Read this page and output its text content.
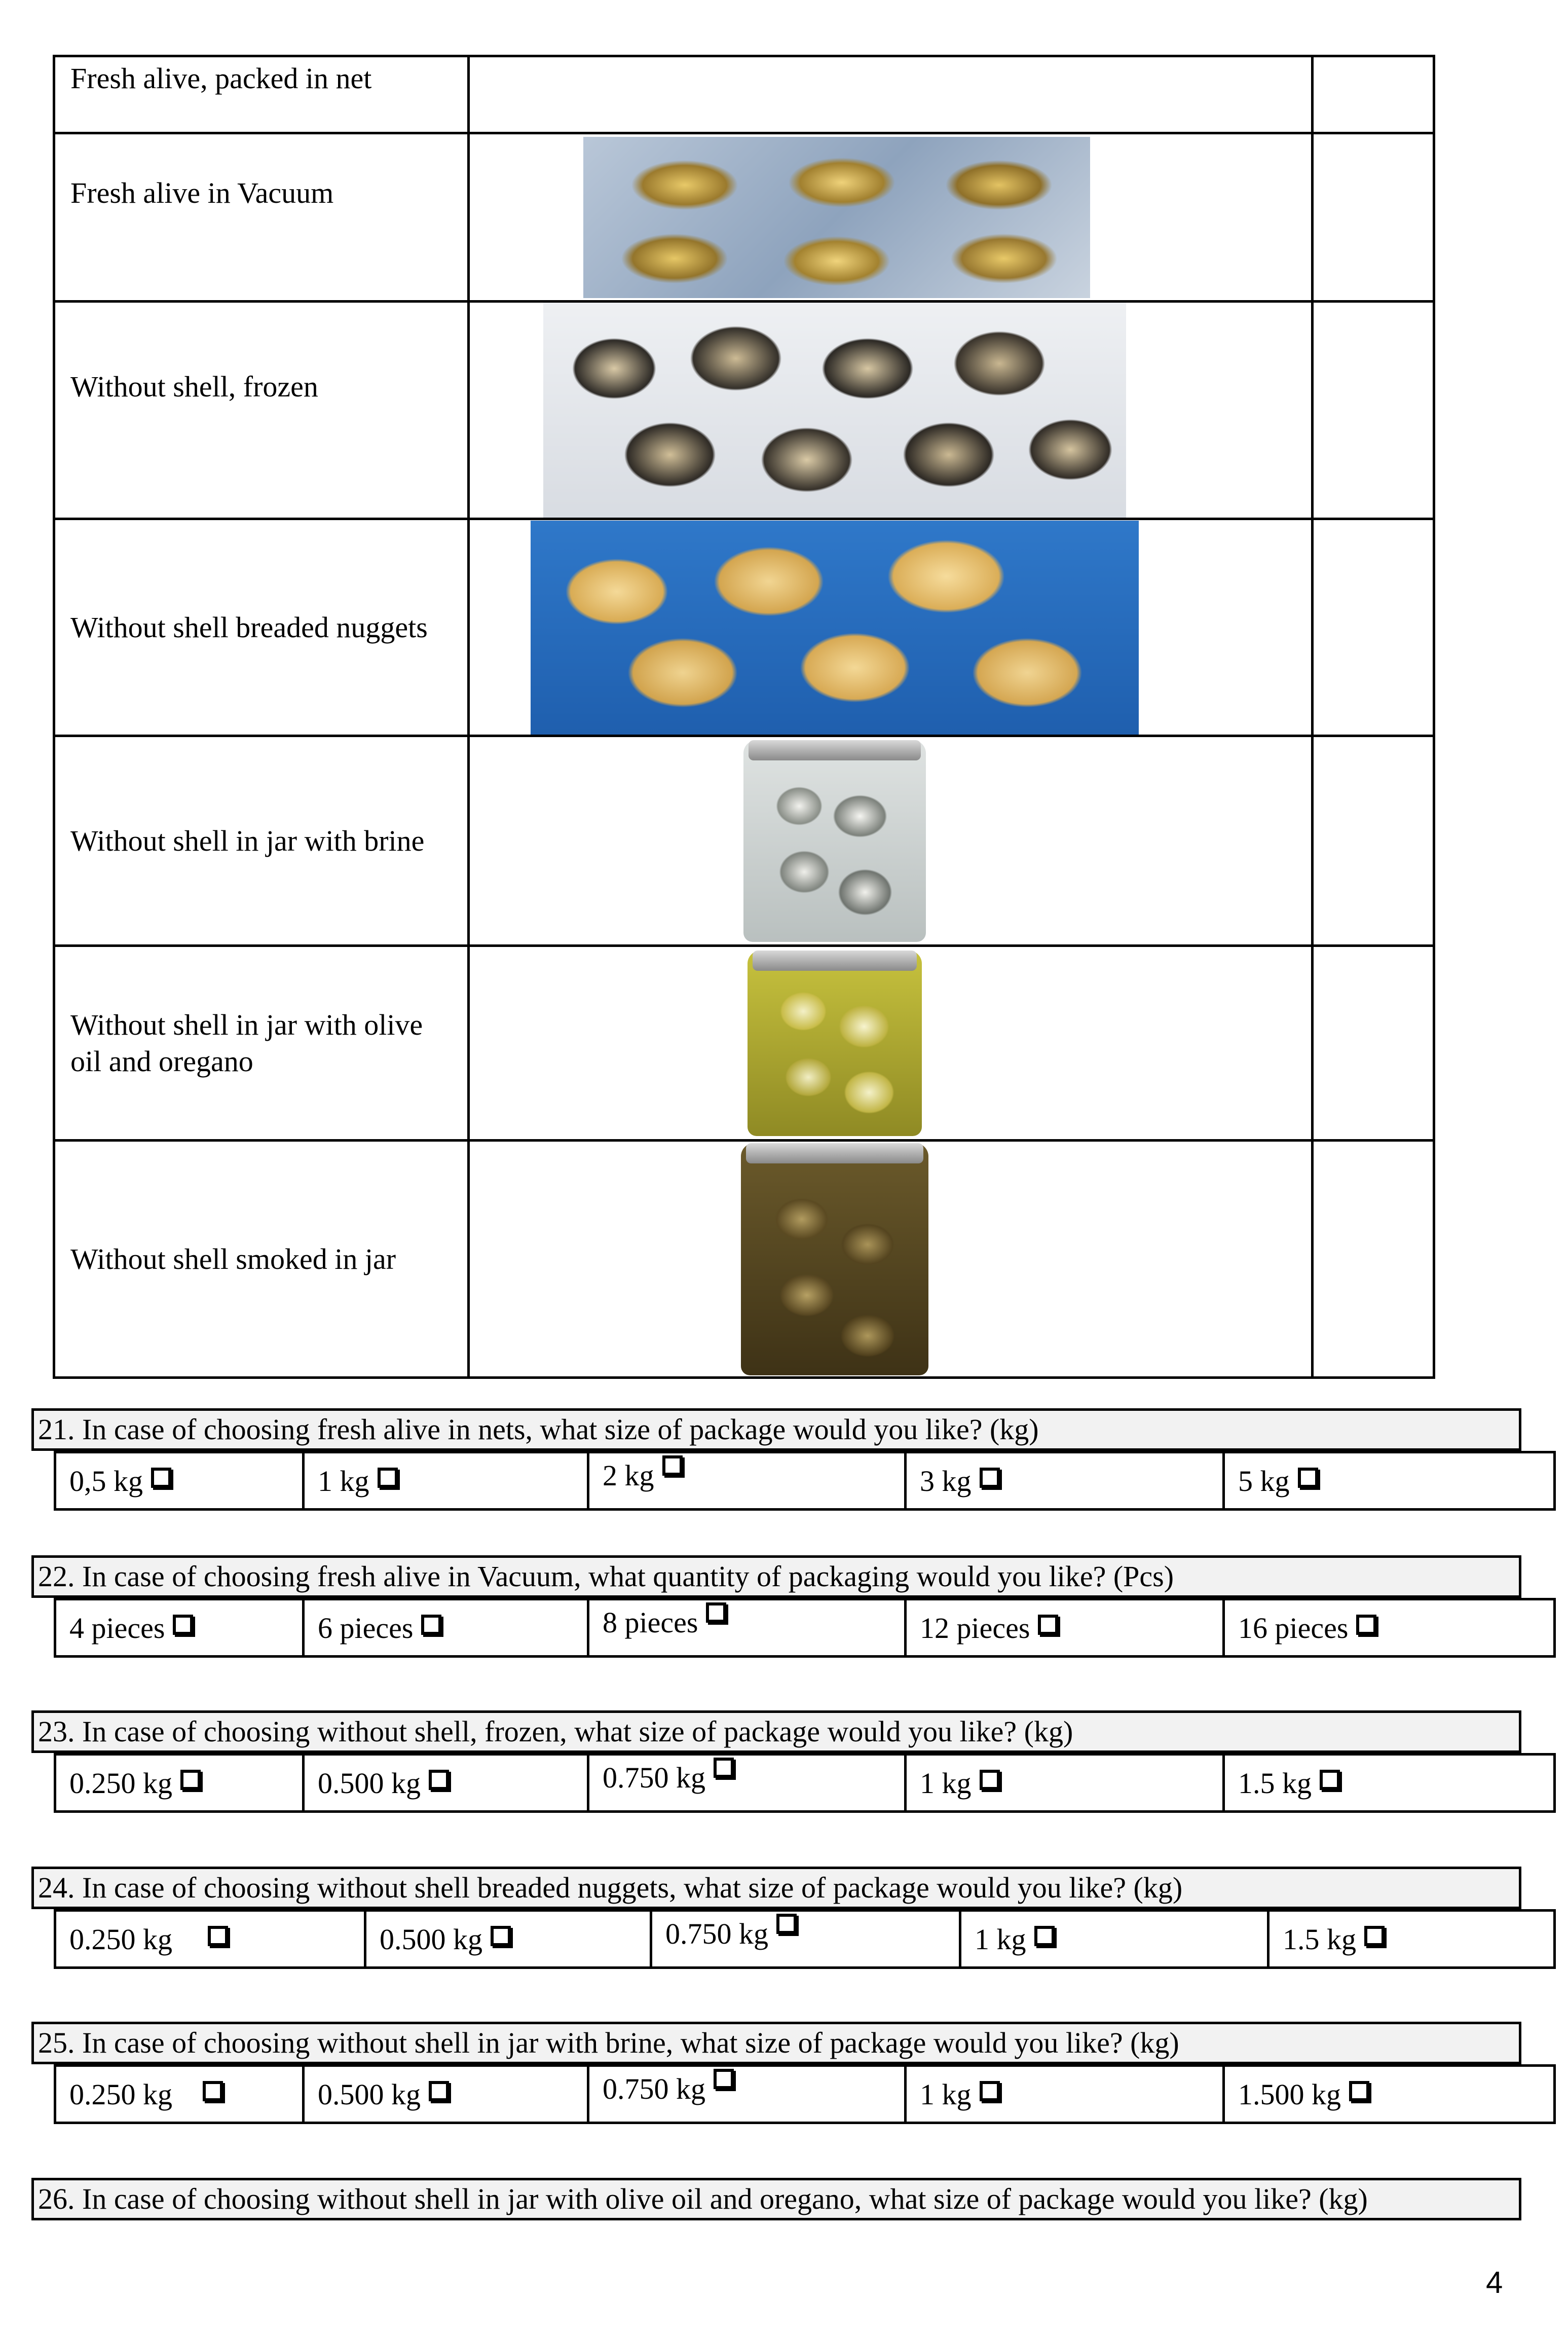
Fresh alive, packed in net		
Fresh alive in Vacuum	

Without shell, frozen	

Without shell breaded nuggets	

Without shell in jar with brine	

Without shell in jar with olive oil and oregano	

Without shell smoked in jar	

21. In case of choosing fresh alive in nets, what size of package would you like? (kg)
0,5 kg	1 kg	2 kg	3 kg	5 kg
22. In case of choosing fresh alive in Vacuum, what quantity of packaging would you like? (Pcs)
4 pieces	6 pieces	8 pieces	12 pieces	16 pieces
23. In case of choosing without shell, frozen, what size of package would you like? (kg)
0.250 kg	0.500 kg	0.750 kg	1 kg	1.5 kg
24. In case of choosing without shell breaded nuggets, what size of package would you like? (kg)
0.250 kg	0.500 kg	0.750 kg	1 kg	1.5 kg
25. In case of choosing without shell in jar with brine, what size of package would you like? (kg)
0.250 kg	0.500 kg	0.750 kg	1 kg	1.500 kg
26. In case of choosing without shell in jar with olive oil and oregano, what size of package would you like? (kg)
4
